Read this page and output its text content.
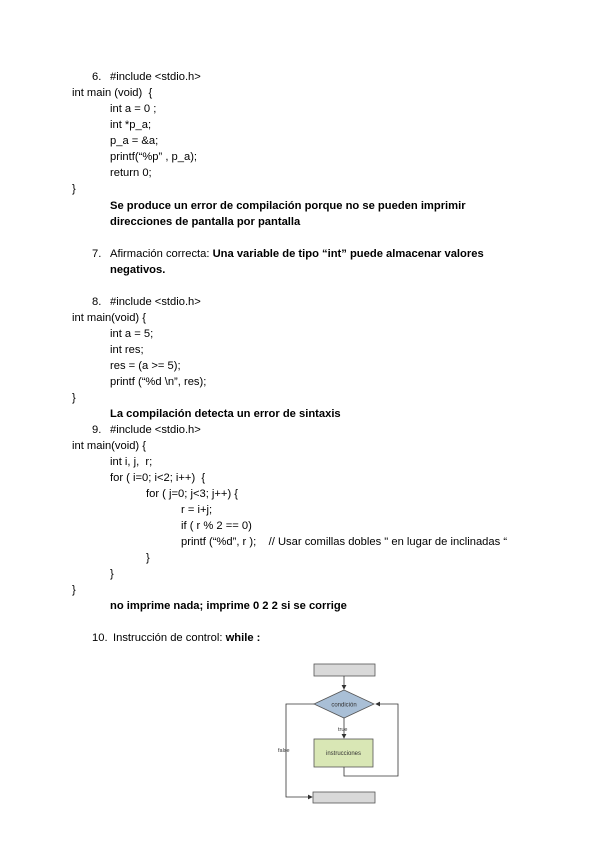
6. #include <stdio.h>
int main (void)  {
int a = 0 ;
int *p_a;
p_a = &a;
printf(“%p” , p_a);
return 0;
}
Se produce un error de compilación porque no se pueden imprimir
direcciones de pantalla por pantalla
7. Afirmación correcta: Una variable de tipo “int” puede almacenar valores
negativos.
8. #include <stdio.h>
int main(void) {
int a = 5;
int res;
res = (a >= 5);
printf (“%d \n”, res);
}
La compilación detecta un error de sintaxis
9. #include <stdio.h>
int main(void) {
int i, j,  r;
for ( i=0; i<2; i++)  {
for ( j=0; j<3; j++) {
r = i+j;
if ( r % 2 == 0)
printf (“%d”, r );    // Usar comillas dobles " en lugar de inclinadas “
}
}
}
no imprime nada; imprime 0 2 2 si se corrige
10. Instrucción de control: while :
condición
true
instrucciones
false
